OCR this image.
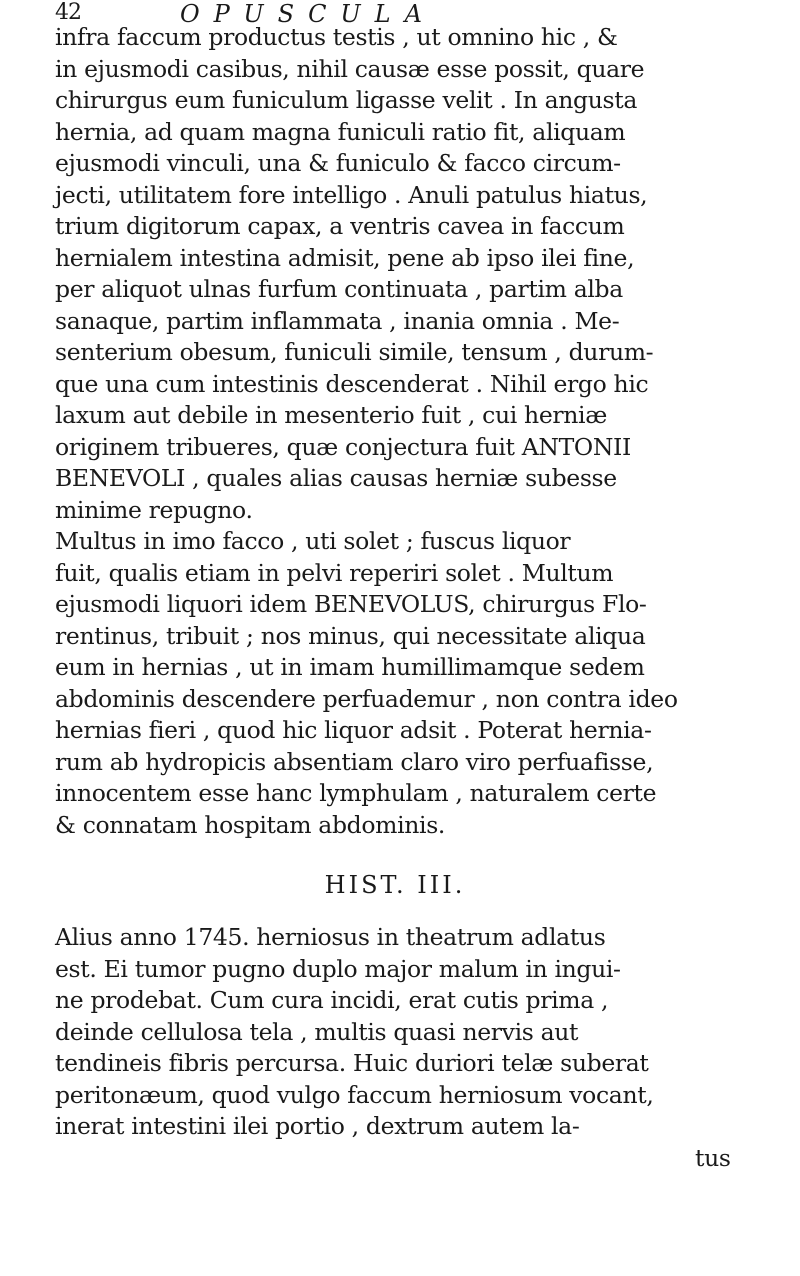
42	OPUSCULA
infra faccum productus testis , ut omnino hic , &
in ejusmodi casibus, nihil causæ esse possit, quare
chirurgus eum funiculum ligasse velit . In angusta
hernia, ad quam magna funiculi ratio fit, aliquam
ejusmodi vinculi, una & funiculo & facco circum-
jecti, utilitatem fore intelligo . Anuli patulus hiatus,
trium digitorum capax, a ventris cavea in faccum
hernialem intestina admisit, pene ab ipso ilei fine,
per aliquot ulnas furfum continuata , partim alba
sanaque, partim inflammata , inania omnia . Me-
senterium obesum, funiculi simile, tensum , durum-
que una cum intestinis descenderat . Nihil ergo hic
laxum aut debile in mesenterio fuit , cui herniæ
originem tribueres, quæ conjectura fuit ANTONII
BENEVOLI , quales alias causas herniæ subesse
minime repugno.
Multus in imo facco , uti solet ; fuscus liquor
fuit, qualis etiam in pelvi reperiri solet . Multum
ejusmodi liquori idem BENEVOLUS, chirurgus Flo-
rentinus, tribuit ; nos minus, qui necessitate aliqua
eum in hernias , ut in imam humillimamque sedem
abdominis descendere perfuademur , non contra ideo
hernias fieri , quod hic liquor adsit . Poterat hernia-
rum ab hydropicis absentiam claro viro perfuafisse,
innocentem esse hanc lymphulam , naturalem certe
& connatam hospitam abdominis.
HIST. III.
Alius anno 1745. herniosus in theatrum adlatus
est. Ei tumor pugno duplo major malum in ingui-
ne prodebat. Cum cura incidi, erat cutis prima ,
deinde cellulosa tela , multis quasi nervis aut
tendineis fibris percursa. Huic duriori telæ suberat
peritonæum, quod vulgo faccum herniosum vocant,
inerat intestini ilei portio , dextrum autem la-
tus
